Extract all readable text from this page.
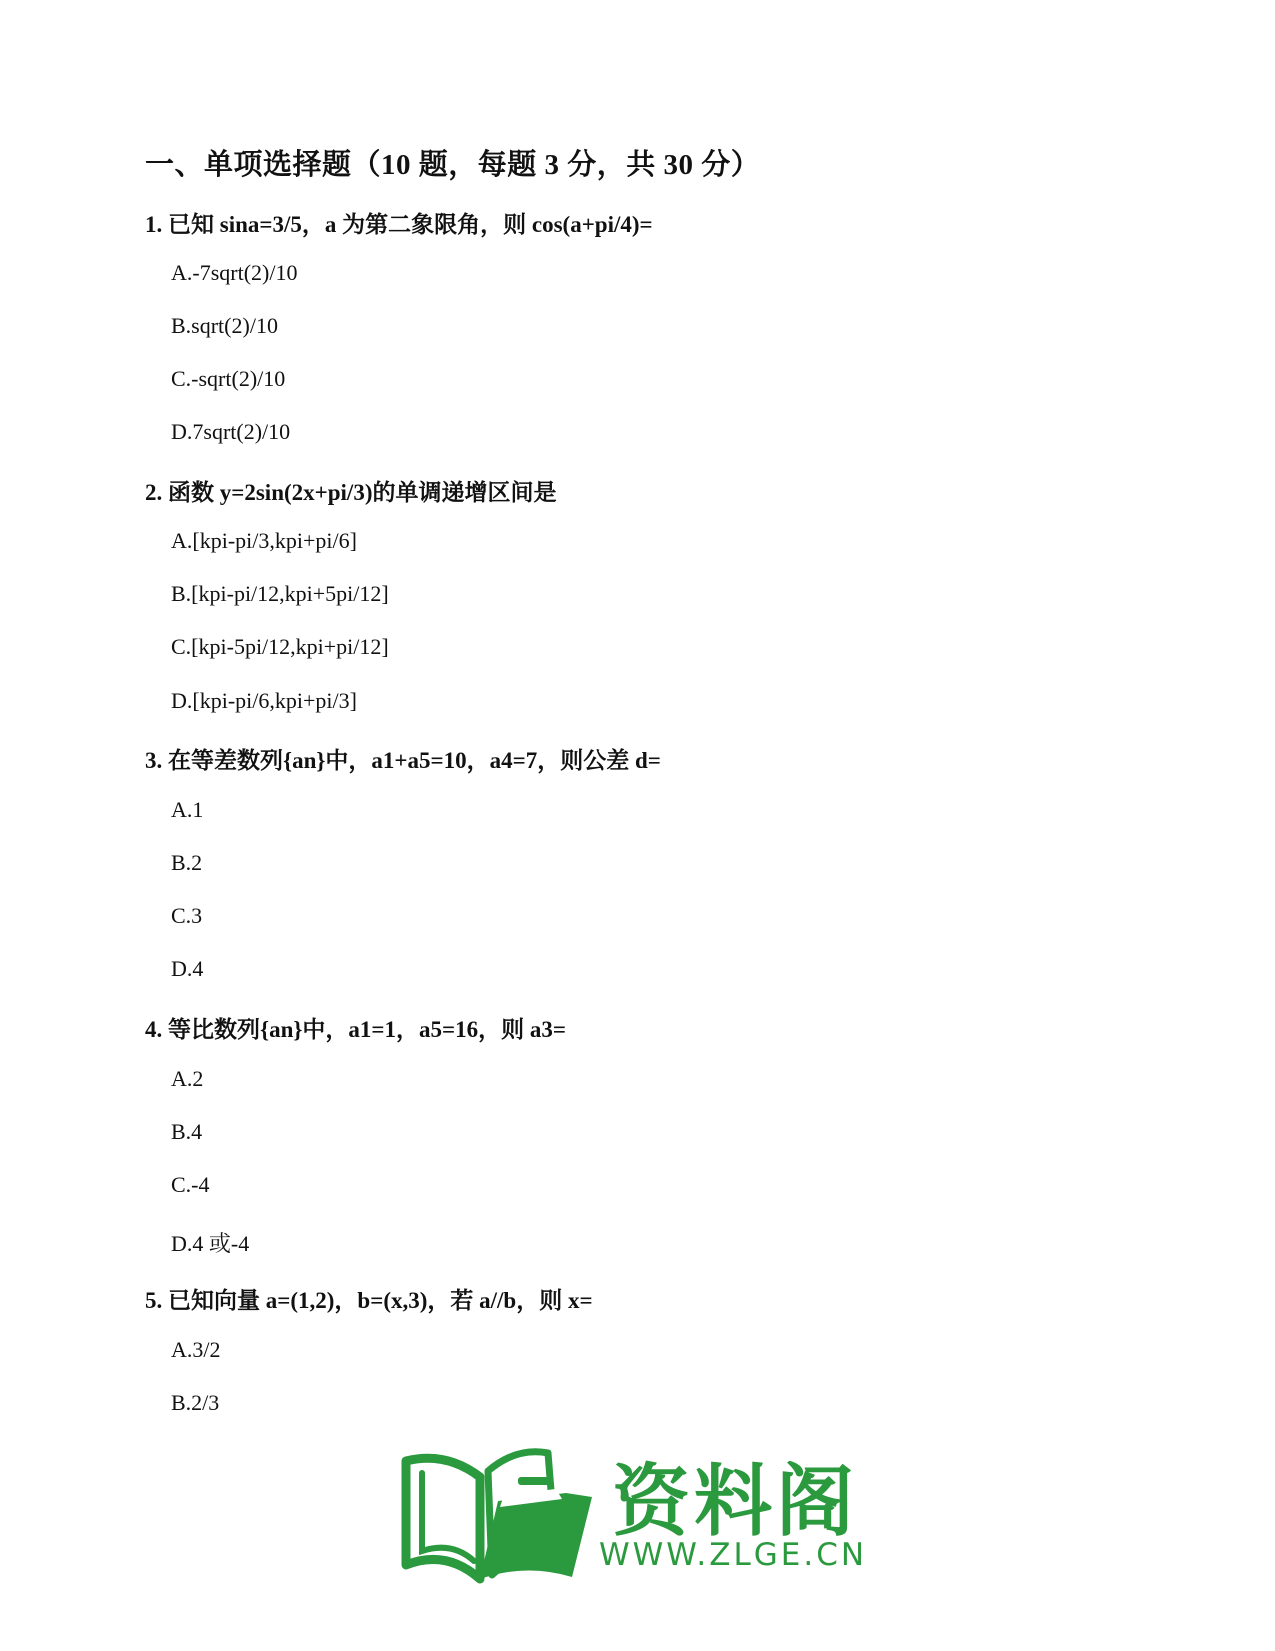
一、单项选择题（10 题，每题 3 分，共 30 分）
1. 已知 sina=3/5，a 为第二象限角，则 cos(a+pi/4)=
A.-7sqrt(2)/10
B.sqrt(2)/10
C.-sqrt(2)/10
D.7sqrt(2)/10
2. 函数 y=2sin(2x+pi/3)的单调递增区间是
A.[kpi-pi/3,kpi+pi/6]
B.[kpi-pi/12,kpi+5pi/12]
C.[kpi-5pi/12,kpi+pi/12]
D.[kpi-pi/6,kpi+pi/3]
3. 在等差数列{an}中，a1+a5=10，a4=7，则公差 d=
A.1
B.2
C.3
D.4
4. 等比数列{an}中，a1=1，a5=16，则 a3=
A.2
B.4
C.-4
D.4 或-4
5. 已知向量 a=(1,2)，b=(x,3)，若 a//b，则 x=
A.3/2
B.2/3
资料阁
WWW.ZLGE.CN
